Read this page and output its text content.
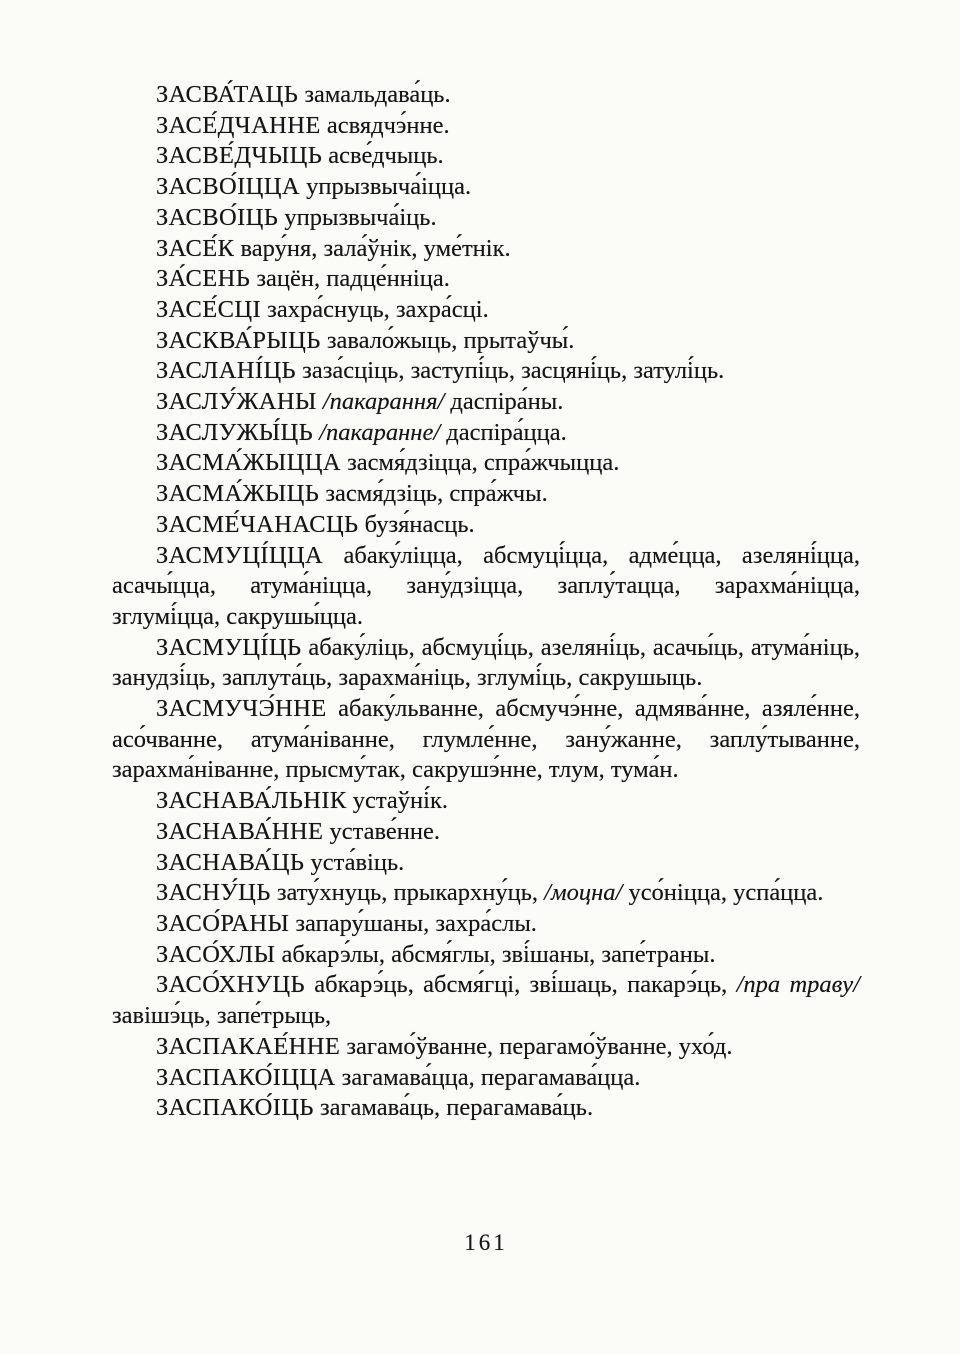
ЗАСВА́ТАЦЬ замальдава́ць.

ЗАСЕ́ДЧАННЕ асвядчэ́нне.

ЗАСВЕ́ДЧЫЦЬ асве́дчыць.

ЗАСВО́ІЦЦА упрызвыча́іцца.

ЗАСВО́ІЦЬ упрызвыча́іць.

ЗАСЕ́К вару́ня, зала́ўнік, уме́тнік.

ЗА́СЕНЬ зацён, падце́нніца.

ЗАСЕ́СЦІ захра́снуць, захра́сці.

ЗАСКВА́РЫЦЬ завало́жыць, прытаўчы́.

ЗАСЛАНІ́ЦЬ заза́сціць, заступі́ць, засцяні́ць, затулі́ць.

ЗАСЛУ́ЖАНЫ /пакарання/ даспіра́ны.

ЗАСЛУЖЫ́ЦЬ /пакаранне/ даспіра́цца.

ЗАСМА́ЖЫЦЦА засмя́дзіцца, спра́жчыцца.

ЗАСМА́ЖЫЦЬ засмя́дзіць, спра́жчы.

ЗАСМЕ́ЧАНАСЦЬ бузя́насць.

ЗАСМУЦІ́ЦЦА абаку́ліцца, абсмуці́цца, адме́цца, азеляні́цца, асачы́цца, атума́ніцца, зану́дзіцца, заплу́тацца, зарахма́ніцца, зглумі́цца, сакрушы́цца.

ЗАСМУЦІ́ЦЬ абаку́ліць, абсмуці́ць, азеляні́ць, асачы́ць, атума́ніць, занудзі́ць, заплута́ць, зарахма́ніць, зглумі́ць, сакрушыць.

ЗАСМУЧЭ́ННЕ абаку́льванне, абсмучэ́нне, адмява́нне, азяле́нне, асо́чванне, атума́ніванне, глумле́нне, зану́жанне, заплу́тыванне, зарахма́ніванне, прысму́так, сакрушэ́нне, тлум, тума́н.

ЗАСНАВА́ЛЬНІК устаўні́к.

ЗАСНАВА́ННЕ уставе́нне.

ЗАСНАВА́ЦЬ уста́віць.

ЗАСНУ́ЦЬ зату́хнуць, прыкархну́ць, /моцна/ усо́ніцца, успа́цца.

ЗАСО́РАНЫ запару́шаны, захра́слы.

ЗАСО́ХЛЫ абкарэ́лы, абсмя́глы, зві́шаны, запе́траны.

ЗАСО́ХНУЦЬ абкарэ́ць, абсмя́гці, зві́шаць, пакарэ́ць, /пра траву/ завішэ́ць, запе́трыць,

ЗАСПАКАЕ́ННЕ загамо́ўванне, перагамо́ўванне, ухо́д.

ЗАСПАКО́ІЦЦА загамава́цца, перагамава́цца.

ЗАСПАКО́ІЦЬ загамава́ць, перагамава́ць.

161
